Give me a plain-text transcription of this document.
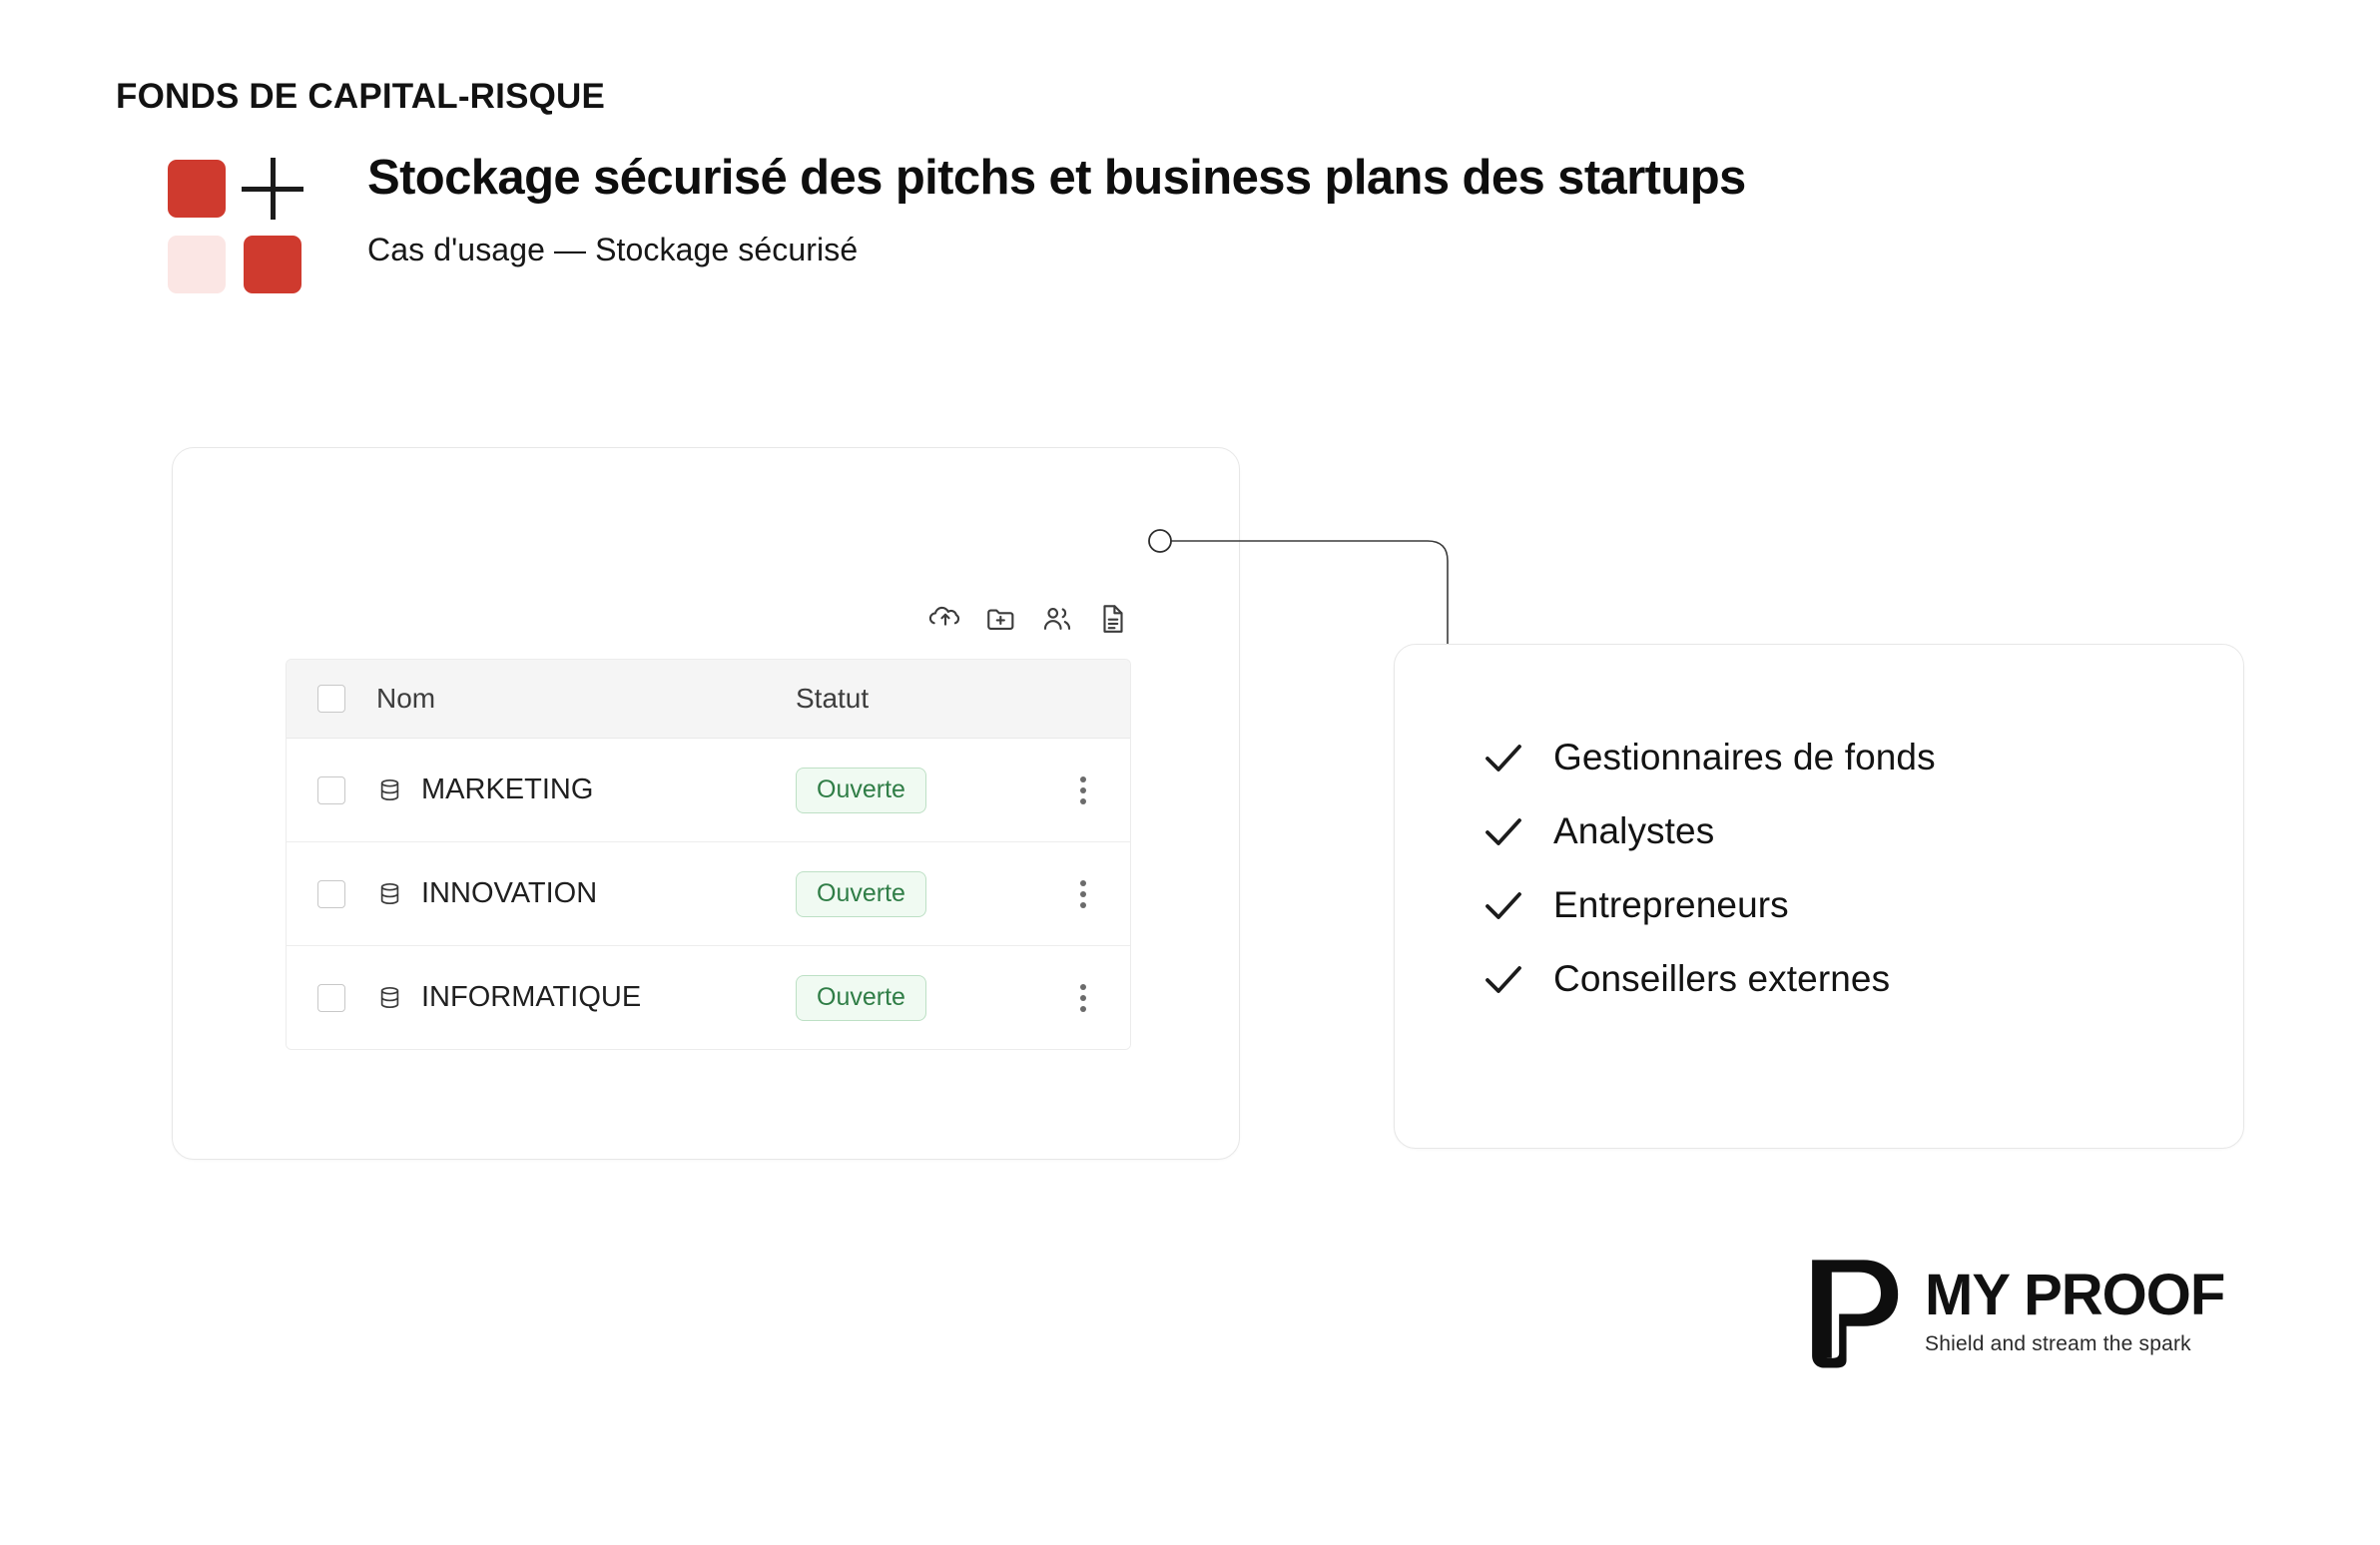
Stockage sécurisé des pitchs et business plans des startups
Cas d'usage — Stockage sécurisé
FONDS DE CAPITAL-RISQUE
Nom	Statut
MARKETING	Ouverte
INNOVATION	Ouverte
INFORMATIQUE	Ouverte
Gestionnaires de fonds
Analystes
Entrepreneurs
Conseillers externes
MY PROOF
Shield and stream the spark
